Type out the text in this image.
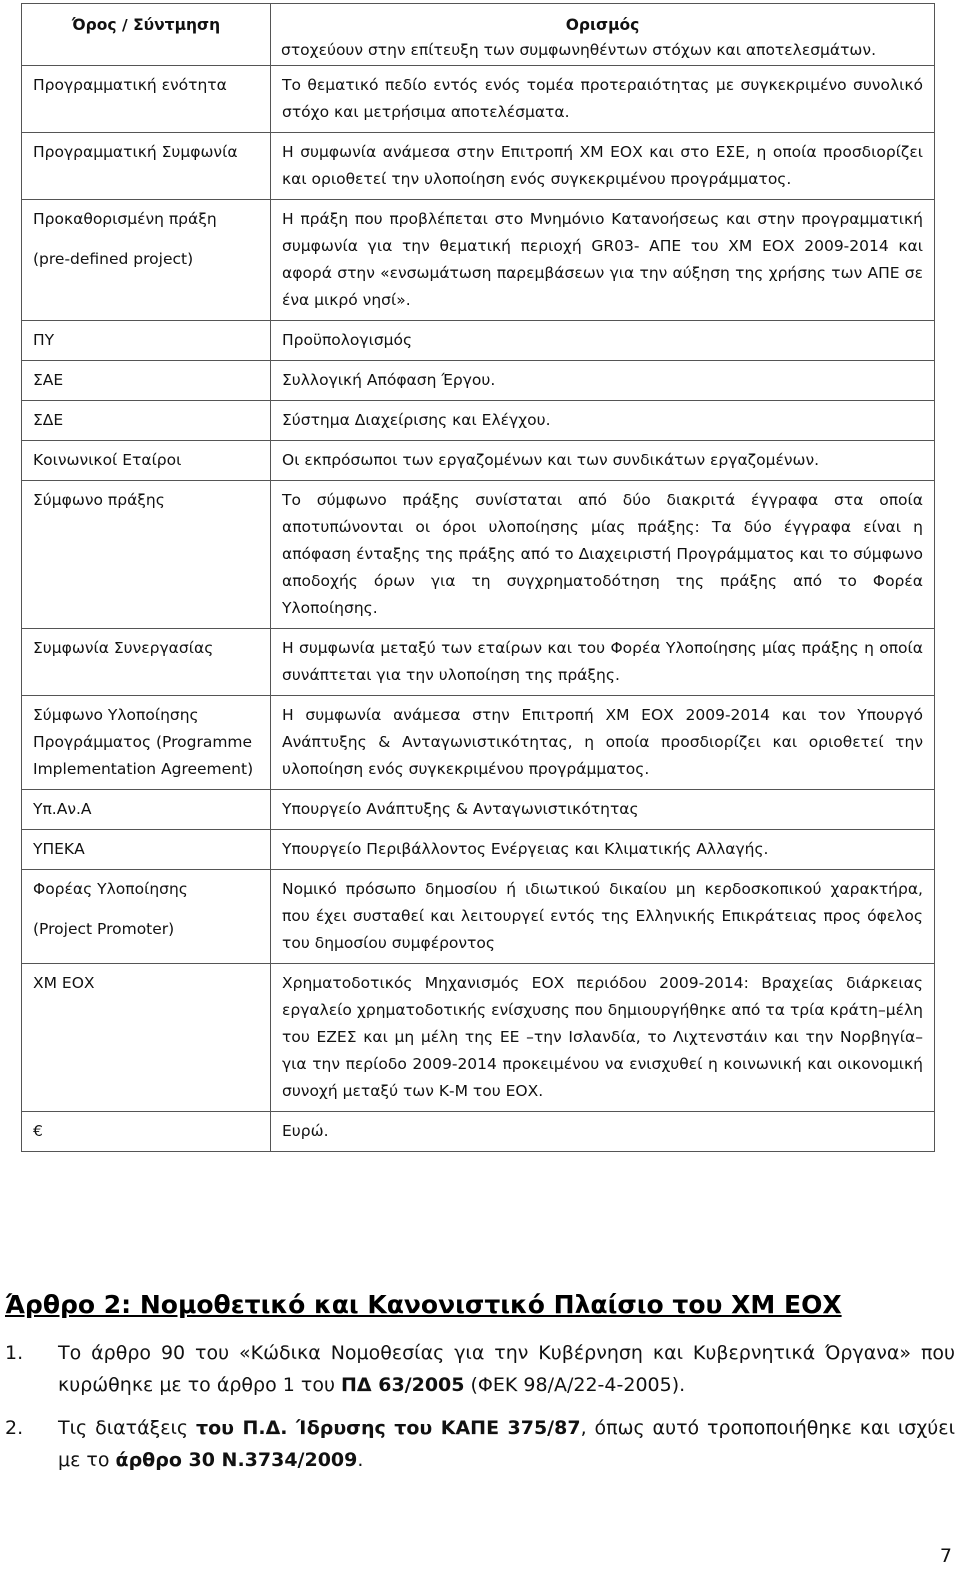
Όρος / Σύντμηση	Ορισμός
στοχεύουν στην επίτευξη των συμφωνηθέντων στόχων και αποτελεσμάτων.

Προγραμματική ενότητα	Το θεματικό πεδίο εντός ενός τομέα προτεραιότητας με συγκεκριμένο συνολικό στόχο και μετρήσιμα αποτελέσματα.

Προγραμματική Συμφωνία	Η συμφωνία ανάμεσα στην Επιτροπή ΧΜ ΕΟΧ και στο ΕΣΕ, η οποία προσδιορίζει και οριοθετεί την υλοποίηση ενός συγκεκριμένου προγράμματος.

Προκαθορισμένη πράξη
(pre-defined project)	Η πράξη που προβλέπεται στο Μνημόνιο Κατανοήσεως και στην προγραμματική συμφωνία για την θεματική περιοχή GR03- ΑΠΕ του ΧΜ ΕΟΧ 2009-2014 και αφορά στην «ενσωμάτωση παρεμβάσεων για την αύξηση της χρήσης των ΑΠΕ σε ένα μικρό νησί».

ΠΥ	Προϋπολογισμός

ΣΑΕ	Συλλογική Απόφαση Έργου.

ΣΔΕ	Σύστημα Διαχείρισης και Ελέγχου.

Κοινωνικοί Εταίροι	Οι εκπρόσωποι των εργαζομένων και των συνδικάτων εργαζομένων.

Σύμφωνο πράξης	Το σύμφωνο πράξης συνίσταται από δύο διακριτά έγγραφα στα οποία αποτυπώνονται οι όροι υλοποίησης μίας πράξης: Τα δύο έγγραφα είναι η απόφαση ένταξης της πράξης από το Διαχειριστή Προγράμματος και το σύμφωνο αποδοχής όρων για τη συγχρηματοδότηση της πράξης από το Φορέα Υλοποίησης.

Συμφωνία Συνεργασίας	Η συμφωνία μεταξύ των εταίρων και του Φορέα Υλοποίησης μίας πράξης η οποία συνάπτεται για την υλοποίηση της πράξης.

Σύμφωνο Υλοποίησης Προγράμματος (Programme Implementation Agreement)	Η συμφωνία ανάμεσα στην Επιτροπή ΧΜ ΕΟΧ 2009-2014 και τον Υπουργό Ανάπτυξης & Ανταγωνιστικότητας, η οποία προσδιορίζει και οριοθετεί την υλοποίηση ενός συγκεκριμένου προγράμματος.

Υπ.Αν.Α	Υπουργείο Ανάπτυξης & Ανταγωνιστικότητας

ΥΠΕΚΑ	Υπουργείο Περιβάλλοντος Ενέργειας και Κλιματικής Αλλαγής.

Φορέας Υλοποίησης
(Project Promoter)	Νομικό πρόσωπο δημοσίου ή ιδιωτικού δικαίου μη κερδοσκοπικού χαρακτήρα, που έχει συσταθεί και λειτουργεί εντός της Ελληνικής Επικράτειας προς όφελος του δημοσίου συμφέροντος

ΧΜ ΕΟΧ	Χρηματοδοτικός Μηχανισμός ΕΟΧ περιόδου 2009-2014: Βραχείας διάρκειας εργαλείο χρηματοδοτικής ενίσχυσης που δημιουργήθηκε από τα τρία κράτη–μέλη του ΕΖΕΣ και μη μέλη της ΕΕ –την Ισλανδία, το Λιχτενστάιν και την Νορβηγία– για την περίοδο 2009-2014 προκειμένου να ενισχυθεί η κοινωνική και οικονομική συνοχή μεταξύ των Κ-Μ του ΕΟΧ.

€	Ευρώ.
Άρθρο 2: Νομοθετικό και Κανονιστικό Πλαίσιο του ΧΜ ΕΟΧ
1. Το άρθρο 90 του «Κώδικα Νομοθεσίας για την Κυβέρνηση και Κυβερνητικά Όργανα» που κυρώθηκε με το άρθρο 1 του ΠΔ 63/2005 (ΦΕΚ 98/Α/22-4-2005).
2. Τις διατάξεις του Π.Δ. Ίδρυσης του ΚΑΠΕ 375/87, όπως αυτό τροποποιήθηκε και ισχύει με το άρθρο 30 Ν.3734/2009.
7
